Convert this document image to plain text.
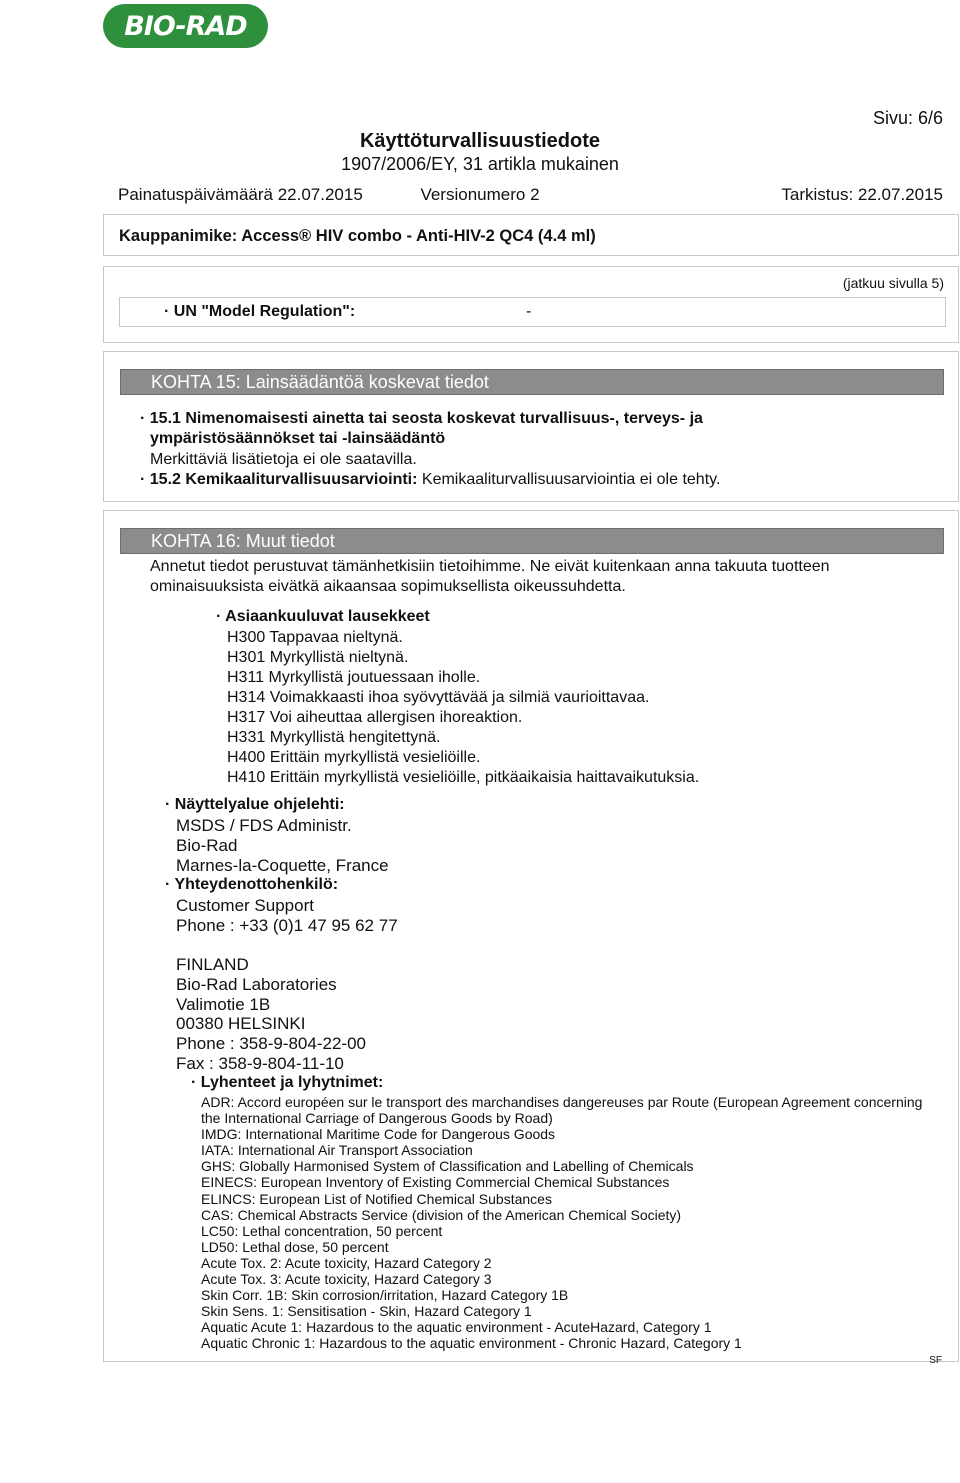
BIO-RAD
Sivu: 6/6
Käyttöturvallisuustiedote
1907/2006/EY, 31 artikla mukainen
Painatuspäivämäärä 22.07.2015	Versionumero 2	Tarkistus: 22.07.2015
Kauppanimike: Access® HIV combo - Anti-HIV-2 QC4 (4.4 ml)
(jatkuu sivulla 5)
· UN "Model Regulation":	-
KOHTA 15: Lainsäädäntöä koskevat tiedot
· 15.1 Nimenomaisesti ainetta tai seosta koskevat turvallisuus-, terveys- ja
ympäristösäännökset tai -lainsäädäntö
Merkittäviä lisätietoja ei ole saatavilla.
· 15.2 Kemikaaliturvallisuusarviointi: Kemikaaliturvallisuusarviointia ei ole tehty.
KOHTA 16: Muut tiedot
Annetut tiedot perustuvat tämänhetkisiin tietoihimme. Ne eivät kuitenkaan anna takuuta tuotteen
ominaisuuksista eivätkä aikaansaa sopimuksellista oikeussuhdetta.
· Asiaankuuluvat lausekkeet
H300 Tappavaa nieltynä.
H301 Myrkyllistä nieltynä.
H311 Myrkyllistä joutuessaan iholle.
H314 Voimakkaasti ihoa syövyttävää ja silmiä vaurioittavaa.
H317 Voi aiheuttaa allergisen ihoreaktion.
H331 Myrkyllistä hengitettynä.
H400 Erittäin myrkyllistä vesieliöille.
H410 Erittäin myrkyllistä vesieliöille, pitkäaikaisia haittavaikutuksia.
· Näyttelyalue ohjelehti:
MSDS / FDS Administr.
Bio-Rad
Marnes-la-Coquette, France
· Yhteydenottohenkilö:
Customer Support
Phone : +33 (0)1 47 95 62 77
FINLAND
Bio-Rad Laboratories
Valimotie 1B
00380 HELSINKI
Phone : 358-9-804-22-00
Fax : 358-9-804-11-10
· Lyhenteet ja lyhytnimet:
ADR: Accord européen sur le transport des marchandises dangereuses par Route (European Agreement concerning
the International Carriage of Dangerous Goods by Road)
IMDG: International Maritime Code for Dangerous Goods
IATA: International Air Transport Association
GHS: Globally Harmonised System of Classification and Labelling of Chemicals
EINECS: European Inventory of Existing Commercial Chemical Substances
ELINCS: European List of Notified Chemical Substances
CAS: Chemical Abstracts Service (division of the American Chemical Society)
LC50: Lethal concentration, 50 percent
LD50: Lethal dose, 50 percent
Acute Tox. 2: Acute toxicity, Hazard Category 2
Acute Tox. 3: Acute toxicity, Hazard Category 3
Skin Corr. 1B: Skin corrosion/irritation, Hazard Category 1B
Skin Sens. 1: Sensitisation - Skin, Hazard Category 1
Aquatic Acute 1: Hazardous to the aquatic environment - AcuteHazard, Category 1
Aquatic Chronic 1: Hazardous to the aquatic environment - Chronic Hazard, Category 1
SF
